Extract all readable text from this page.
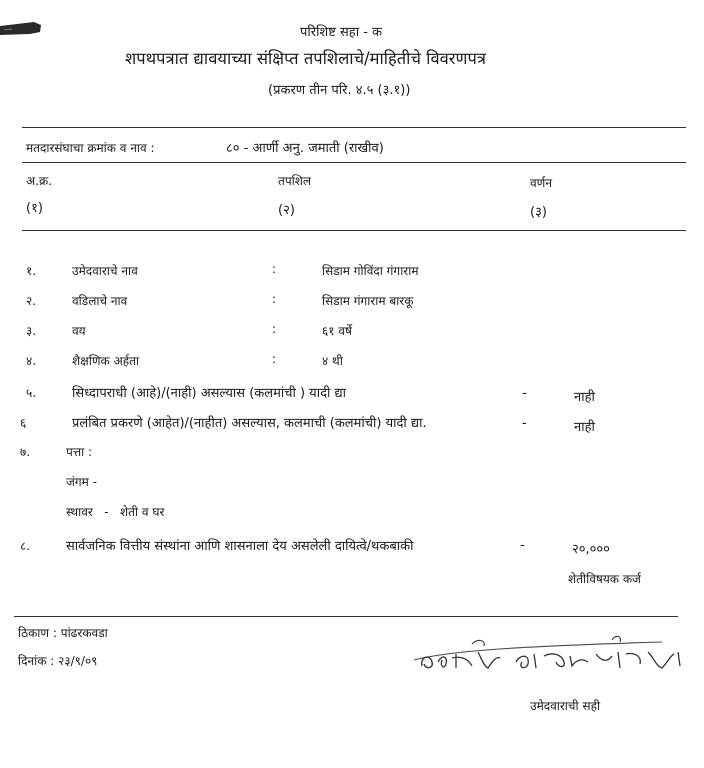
परिशिष्ट सहा - क
शपथपत्रात द्यावयाच्या संक्षिप्त तपशिलाचे/माहितीचे विवरणपत्र
(प्रकरण तीन परि. ४.५ (३.१))
मतदारसंघाचा क्रमांक व नाव :	८० - आर्णी अनु. जमाती (राखीव)
अ.क्र.	तपशिल	वर्णन
(१)	(२)	(३)
१.	उमेदवाराचे नाव	:	सिडाम गोविंदा गंगाराम
२.	वडिलाचे नाव	:	सिडाम गंगाराम बारकू
३.	वय	:	६१ वर्षे
४.	शैक्षणिक अर्हता	:	४ थी
५.	सिध्दापराधी (आहे)/(नाही) असल्यास (कलमांची ) यादी द्या	-	नाही
६	प्रलंबित प्रकरणे (आहेत)/(नाहीत) असल्यास, कलमाची (कलमांची) यादी द्या.	-	नाही
७.	पत्ता :
जंगम -
स्थावर   -   शेती व घर
८.	सार्वजनिक वित्तीय संस्थांना आणि शासनाला देय असलेली दायित्वे/थकबाकी	-	२०,०००
शेतीविषयक कर्ज
ठिकाण : पांढरकवडा
दिनांक : २३/९/०९
उमेदवाराची सही
